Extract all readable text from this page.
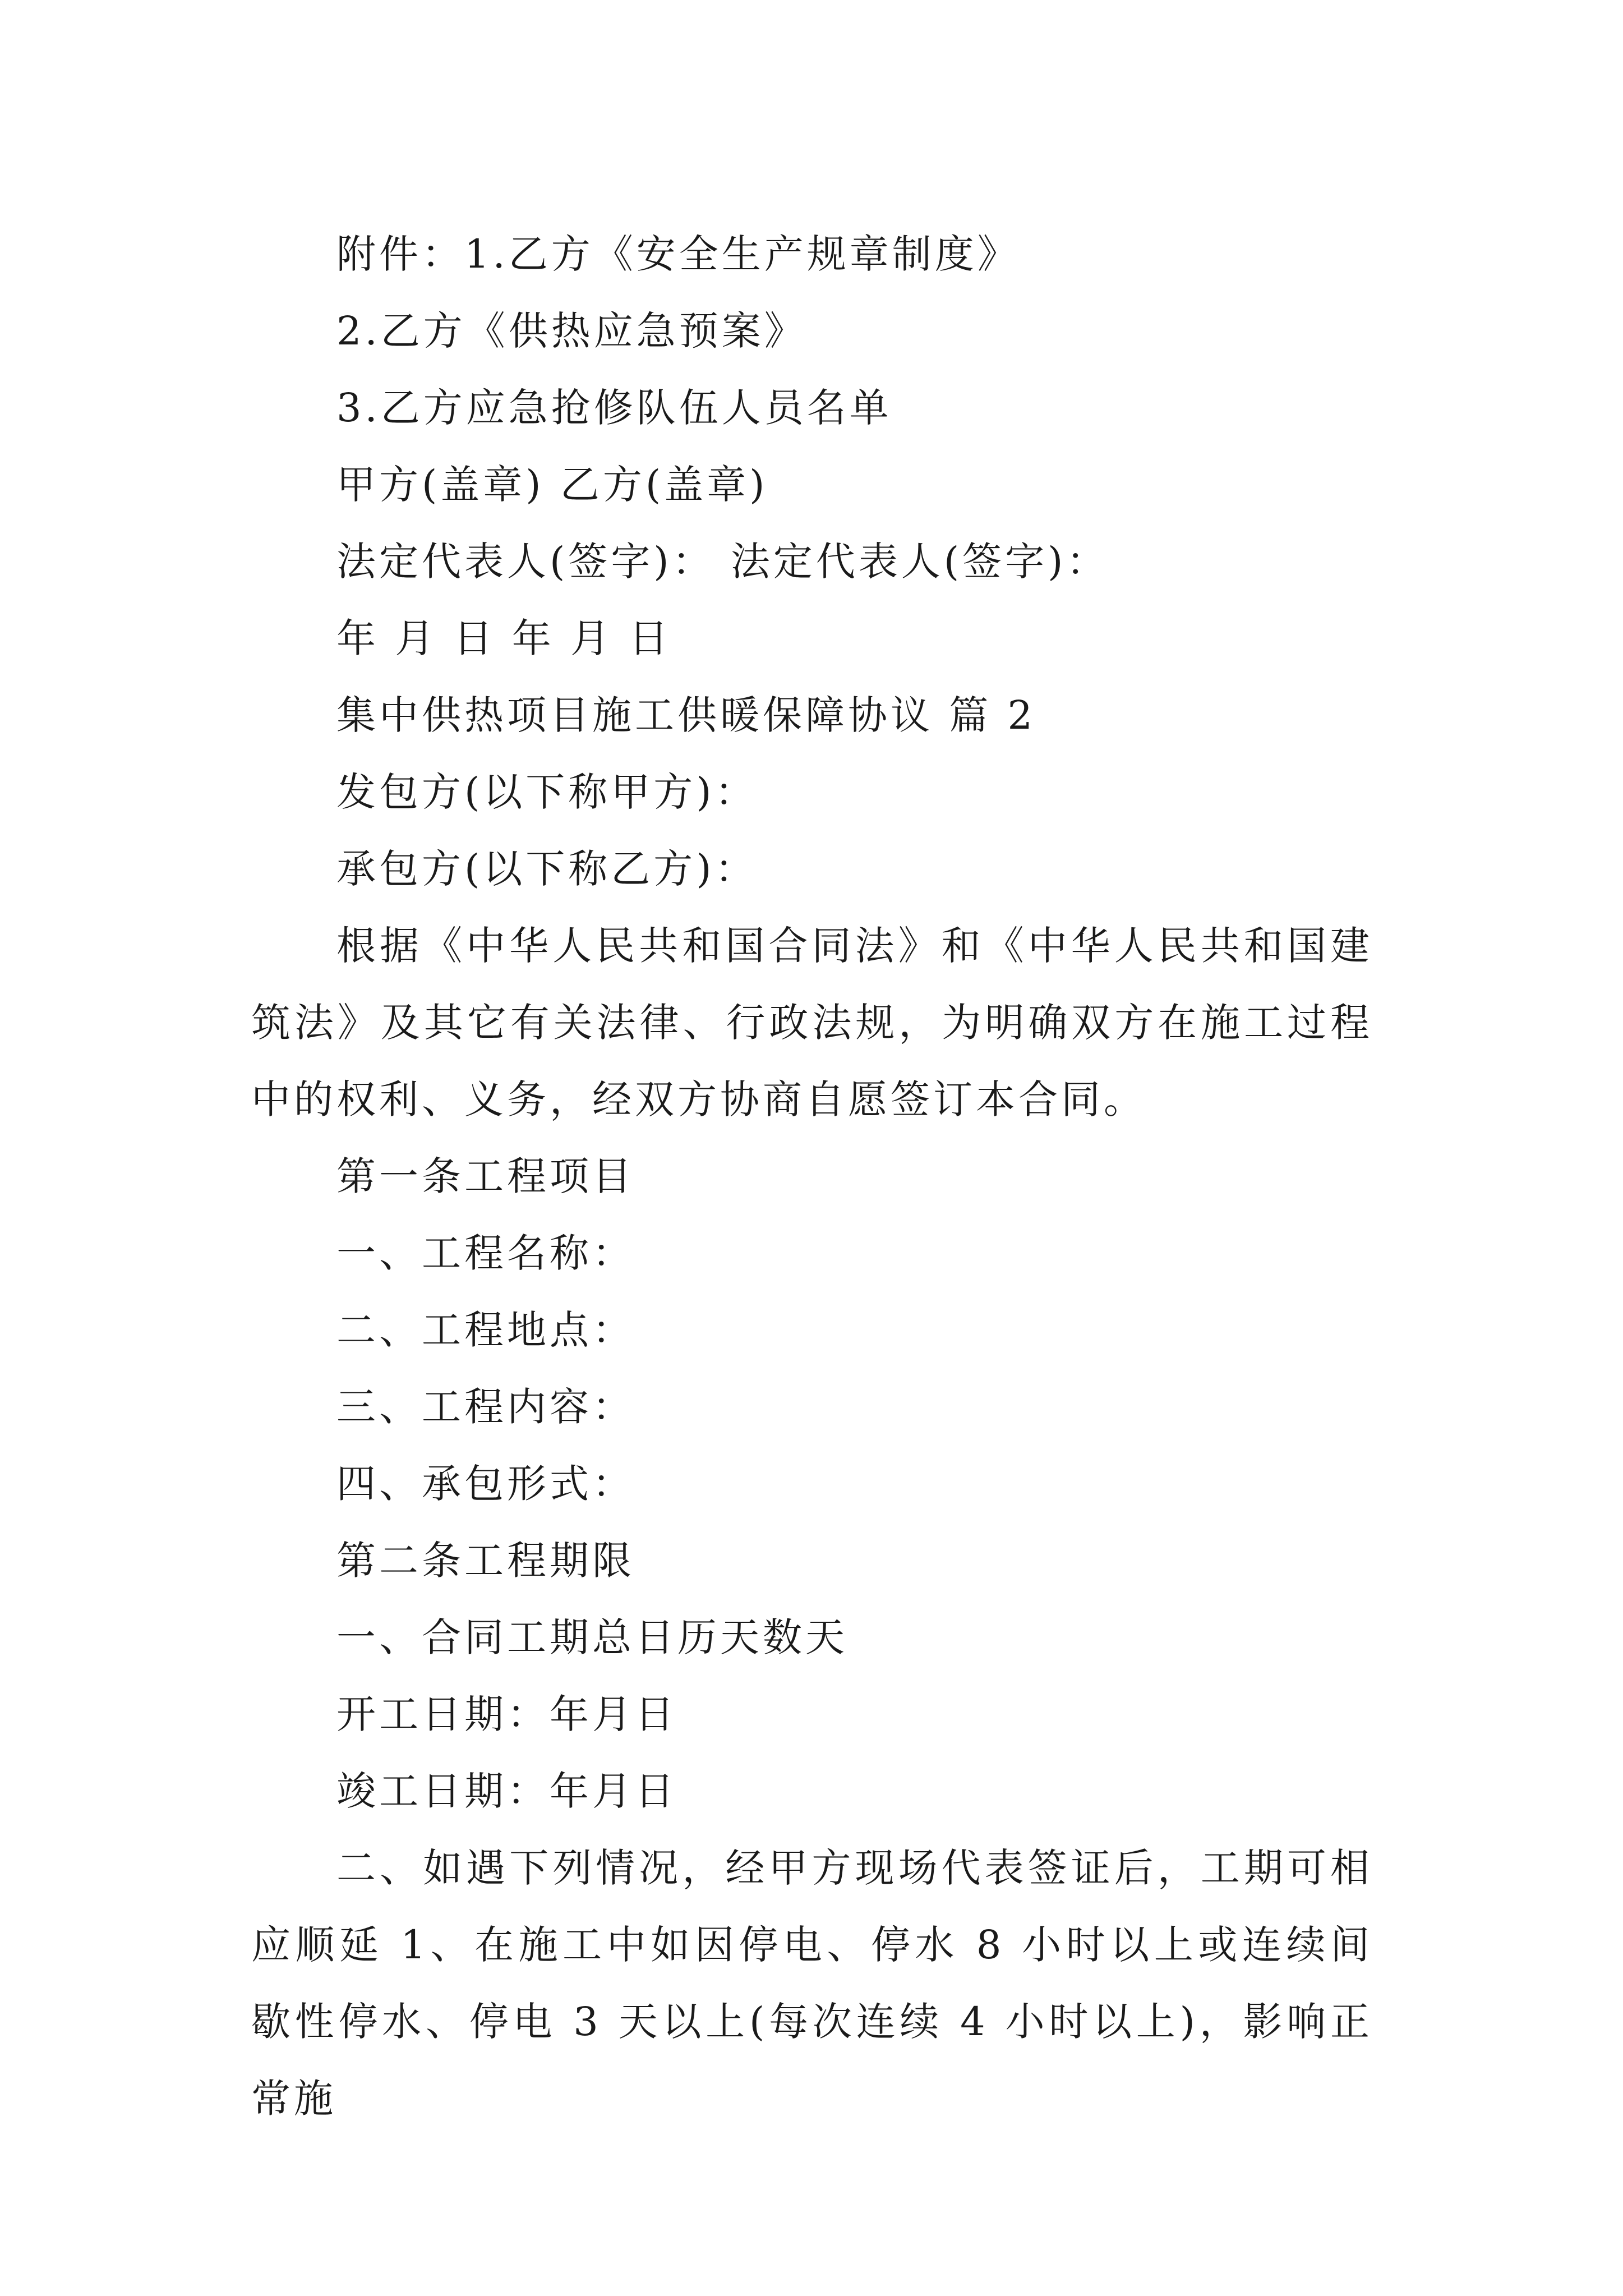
附件：1.乙方《安全生产规章制度》

2.乙方《供热应急预案》

3.乙方应急抢修队伍人员名单

甲方(盖章) 乙方(盖章)

法定代表人(签字)： 法定代表人(签字)：

年 月 日 年 月 日

集中供热项目施工供暖保障协议 篇 2

发包方(以下称甲方)：

承包方(以下称乙方)：

根据《中华人民共和国合同法》和《中华人民共和国建筑法》及其它有关法律、行政法规，为明确双方在施工过程中的权利、义务，经双方协商自愿签订本合同。

第一条工程项目

一、工程名称：

二、工程地点：

三、工程内容：

四、承包形式：

第二条工程期限

一、合同工期总日历天数天

开工日期：年月日

竣工日期：年月日

二、如遇下列情况，经甲方现场代表签证后，工期可相应顺延 1、在施工中如因停电、停水 8 小时以上或连续间歇性停水、停电 3 天以上(每次连续 4 小时以上)，影响正常施
